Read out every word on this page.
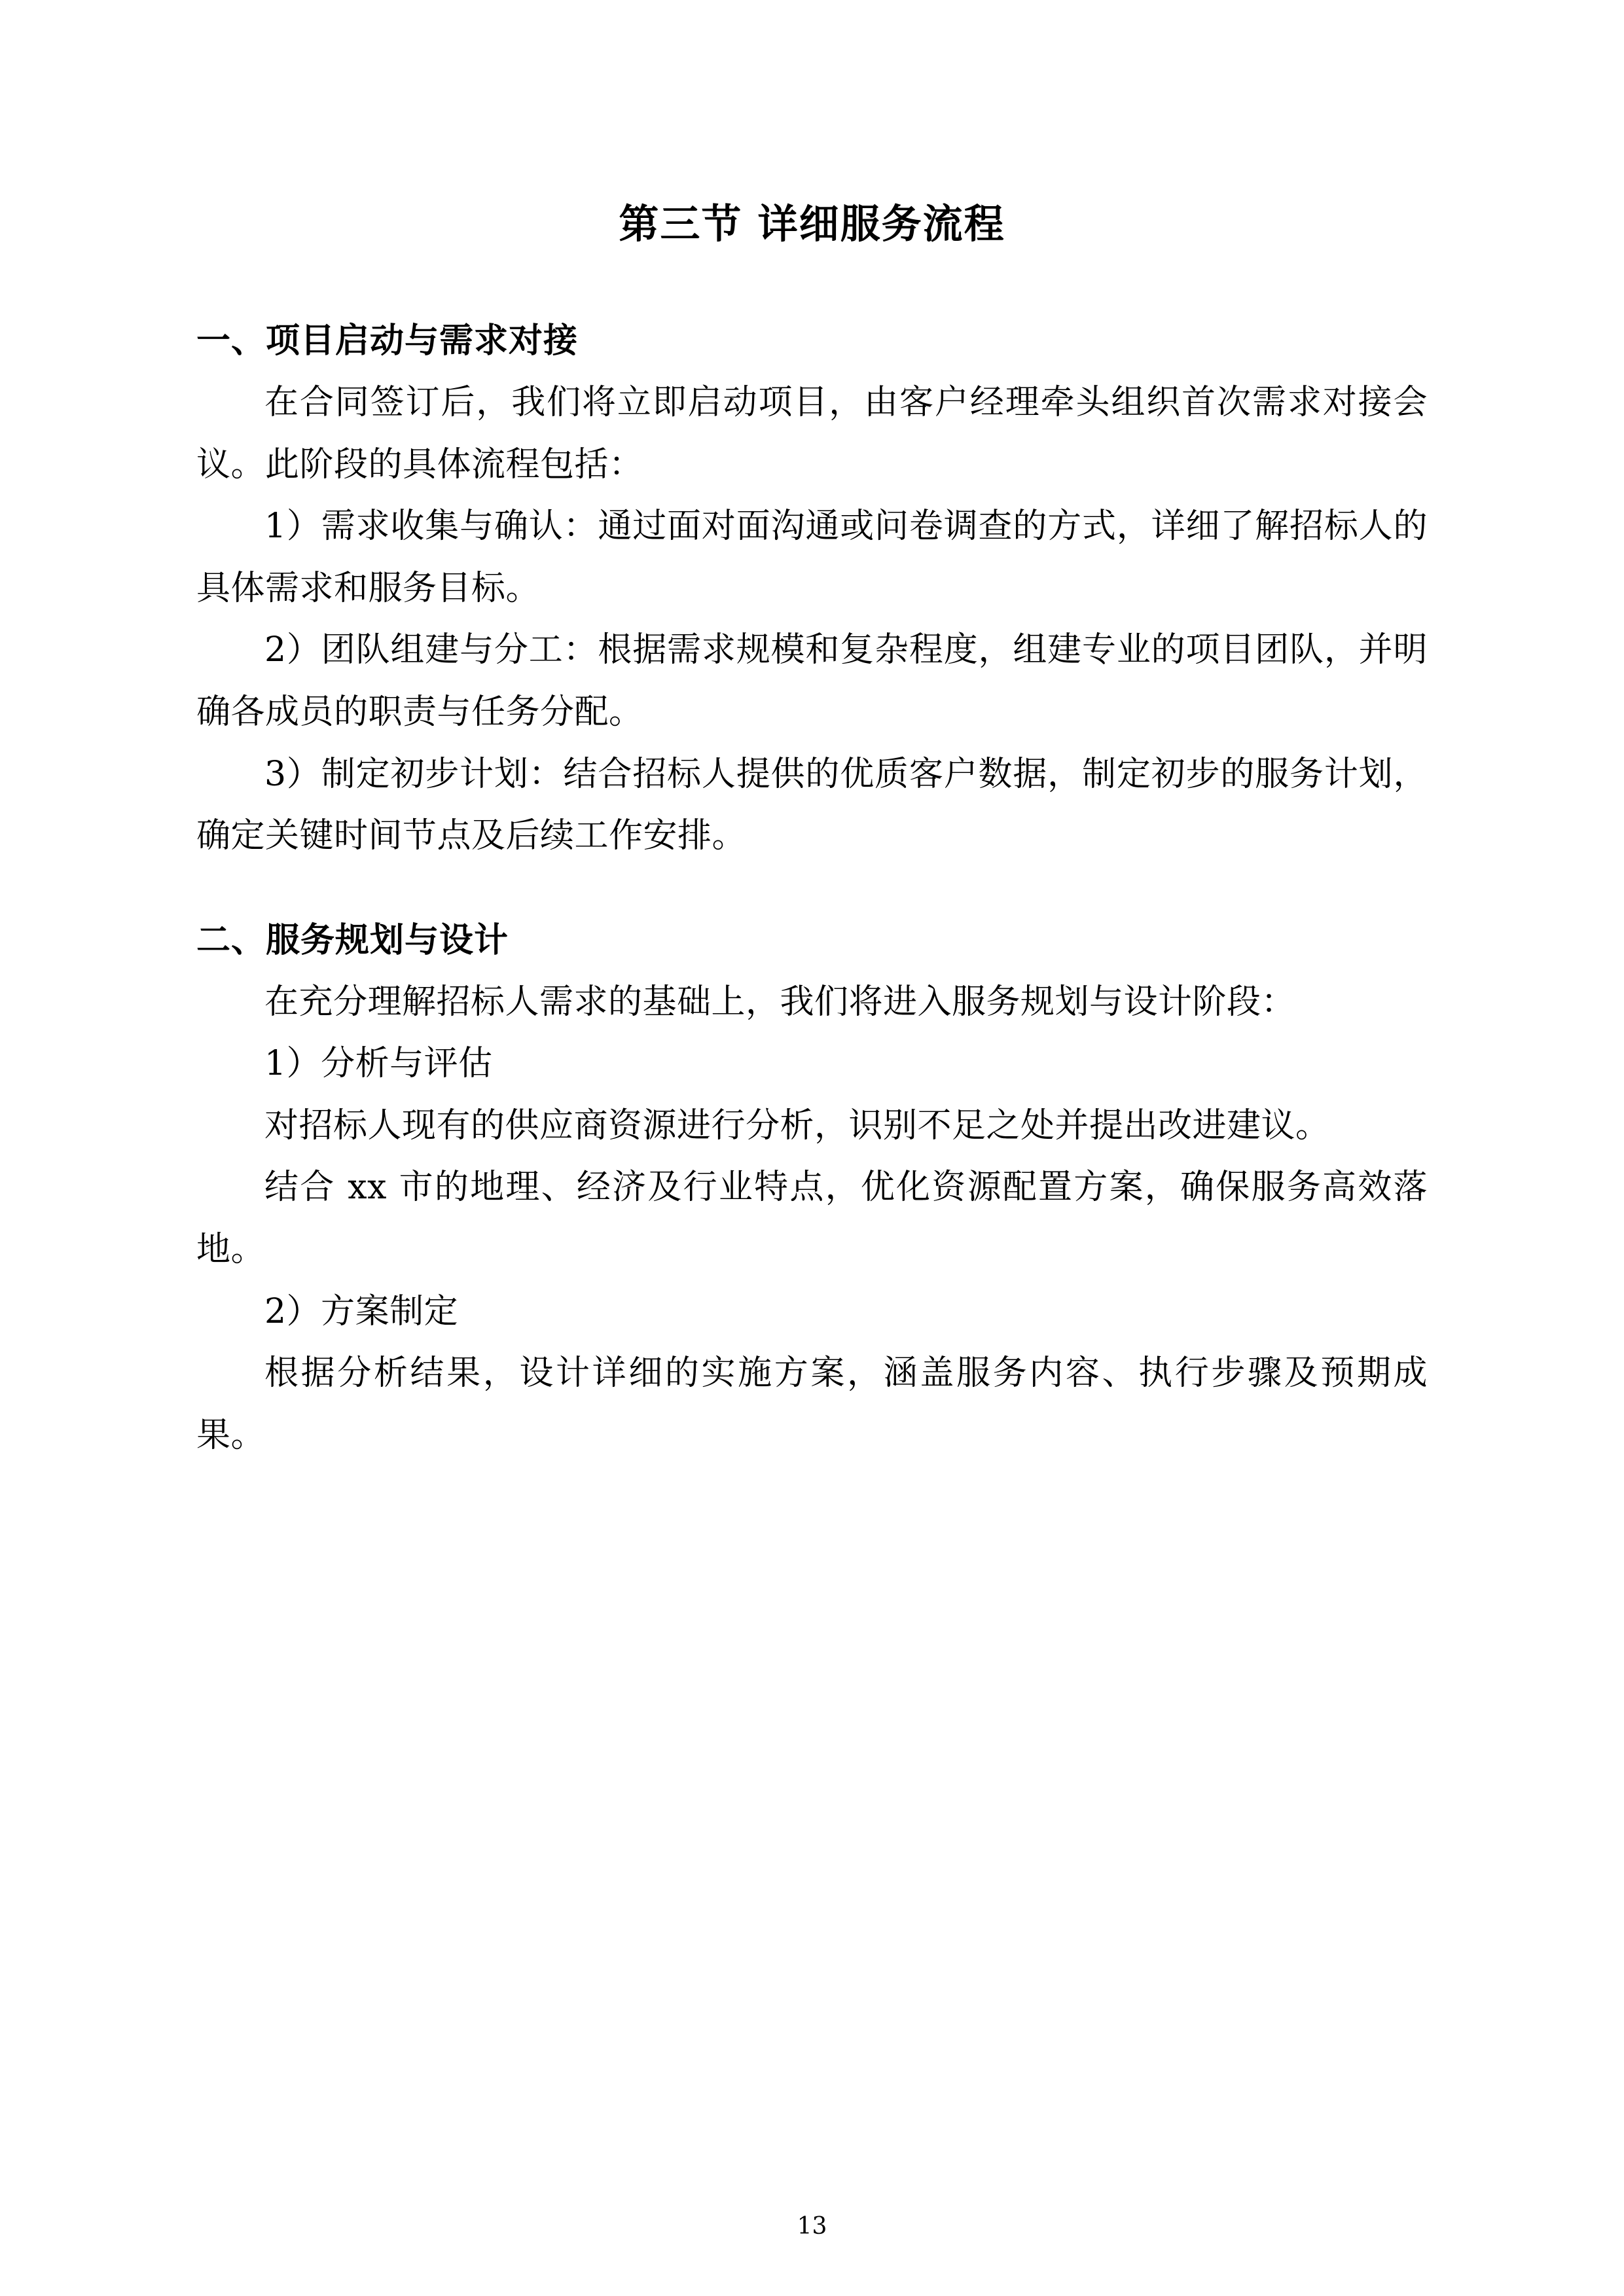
第三节 详细服务流程
一、项目启动与需求对接

在合同签订后，我们将立即启动项目，由客户经理牵头组织首次需求对接会议。此阶段的具体流程包括：

1）需求收集与确认：通过面对面沟通或问卷调查的方式，详细了解招标人的具体需求和服务目标。

2）团队组建与分工：根据需求规模和复杂程度，组建专业的项目团队，并明确各成员的职责与任务分配。

3）制定初步计划：结合招标人提供的优质客户数据，制定初步的服务计划，确定关键时间节点及后续工作安排。

二、服务规划与设计

在充分理解招标人需求的基础上，我们将进入服务规划与设计阶段：

1）分析与评估

对招标人现有的供应商资源进行分析，识别不足之处并提出改进建议。

结合 xx 市的地理、经济及行业特点，优化资源配置方案，确保服务高效落地。

2）方案制定

根据分析结果，设计详细的实施方案，涵盖服务内容、执行步骤及预期成果。

13
